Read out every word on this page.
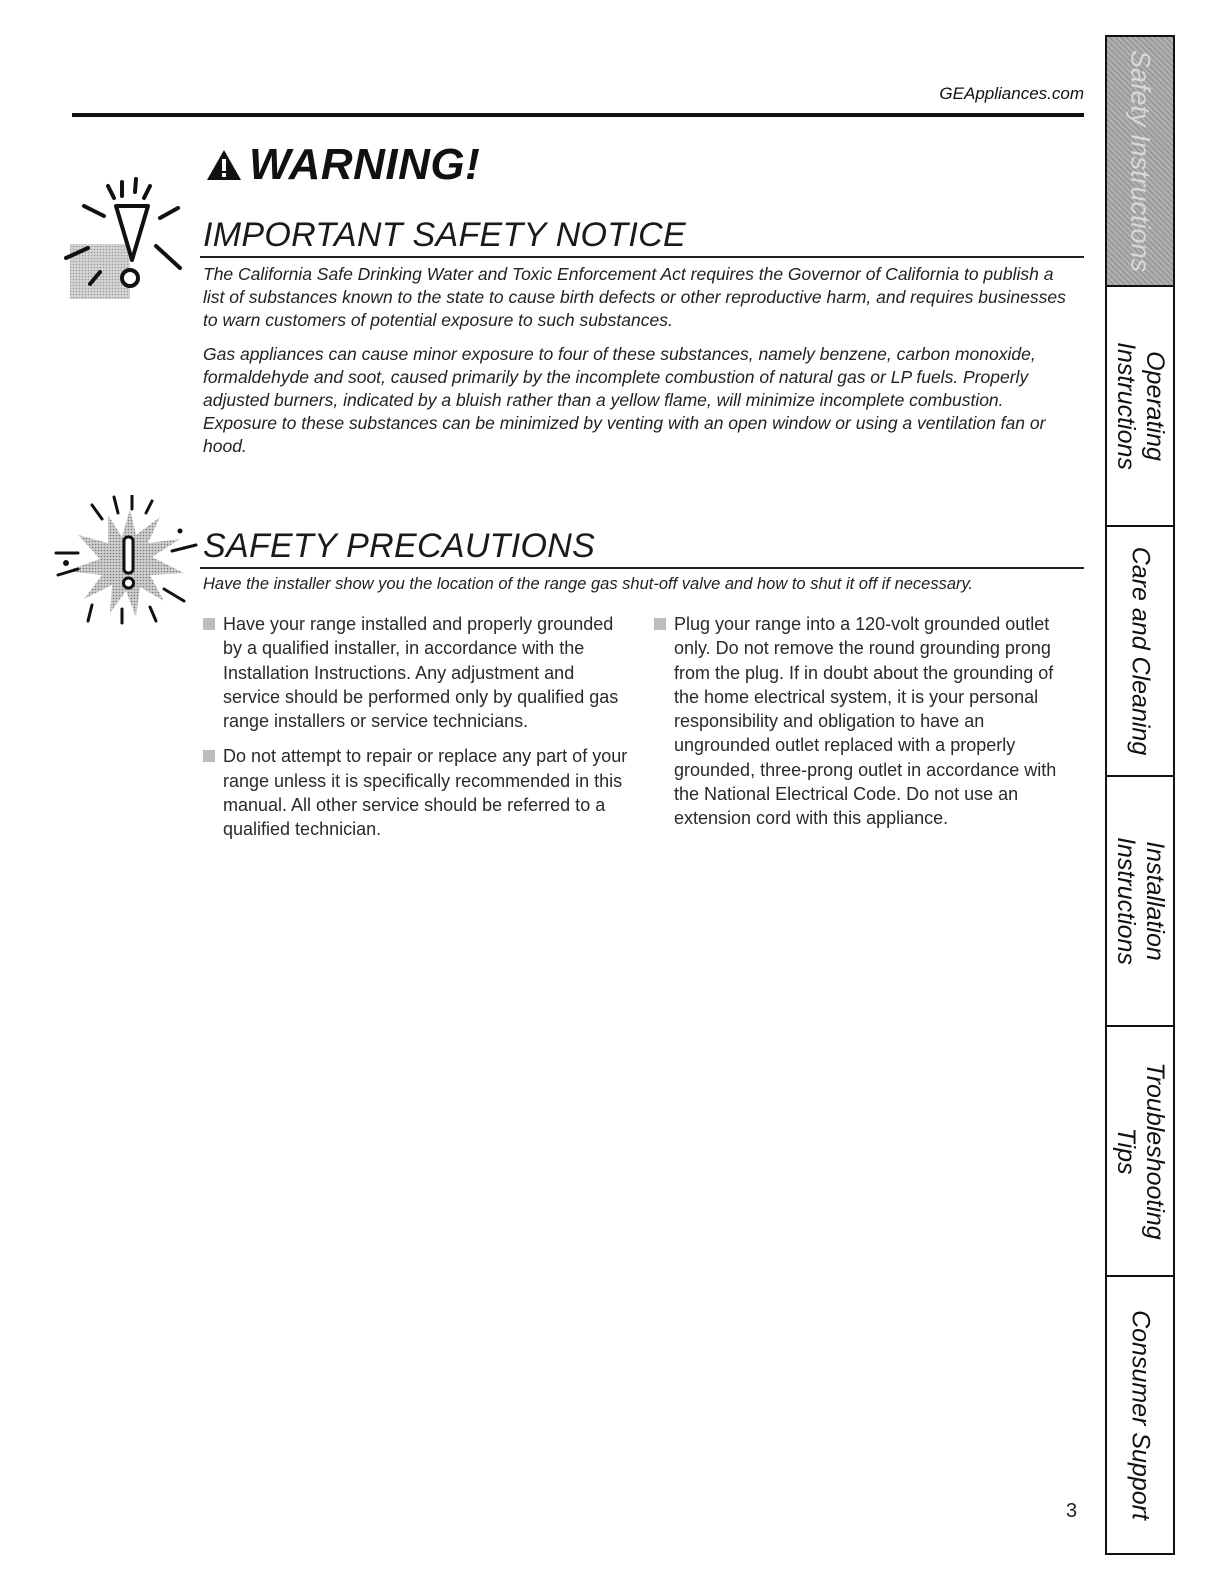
GEAppliances.com
WARNING!
IMPORTANT SAFETY NOTICE

The California Safe Drinking Water and Toxic Enforcement Act requires the Governor of California to publish a list of substances known to the state to cause birth defects or other reproductive harm, and requires businesses to warn customers of potential exposure to such substances.

Gas appliances can cause minor exposure to four of these substances, namely benzene, carbon monoxide, formaldehyde and soot, caused primarily by the incomplete combustion of natural gas or LP fuels. Properly adjusted burners, indicated by a bluish rather than a yellow flame, will minimize incomplete combustion. Exposure to these substances can be minimized by venting with an open window or using a ventilation fan or hood.

SAFETY PRECAUTIONS
Have the installer show you the location of the range gas shut-off valve and how to shut it off if necessary.
Have your range installed and properly grounded by a qualified installer, in accordance with the Installation Instructions. Any adjustment and service should be performed only by qualified gas range installers or service technicians.
Do not attempt to repair or replace any part of your range unless it is specifically recommended in this manual. All other service should be referred to a qualified technician.
Plug your range into a 120-volt grounded outlet only. Do not remove the round grounding prong from the plug. If in doubt about the grounding of the home electrical system, it is your personal responsibility and obligation to have an ungrounded outlet replaced with a properly grounded, three-prong outlet in accordance with the National Electrical Code. Do not use an extension cord with this appliance.
Safety Instructions
Operating
Instructions
Care and Cleaning
Installation
Instructions
Troubleshooting
Tips
Consumer Support
3
